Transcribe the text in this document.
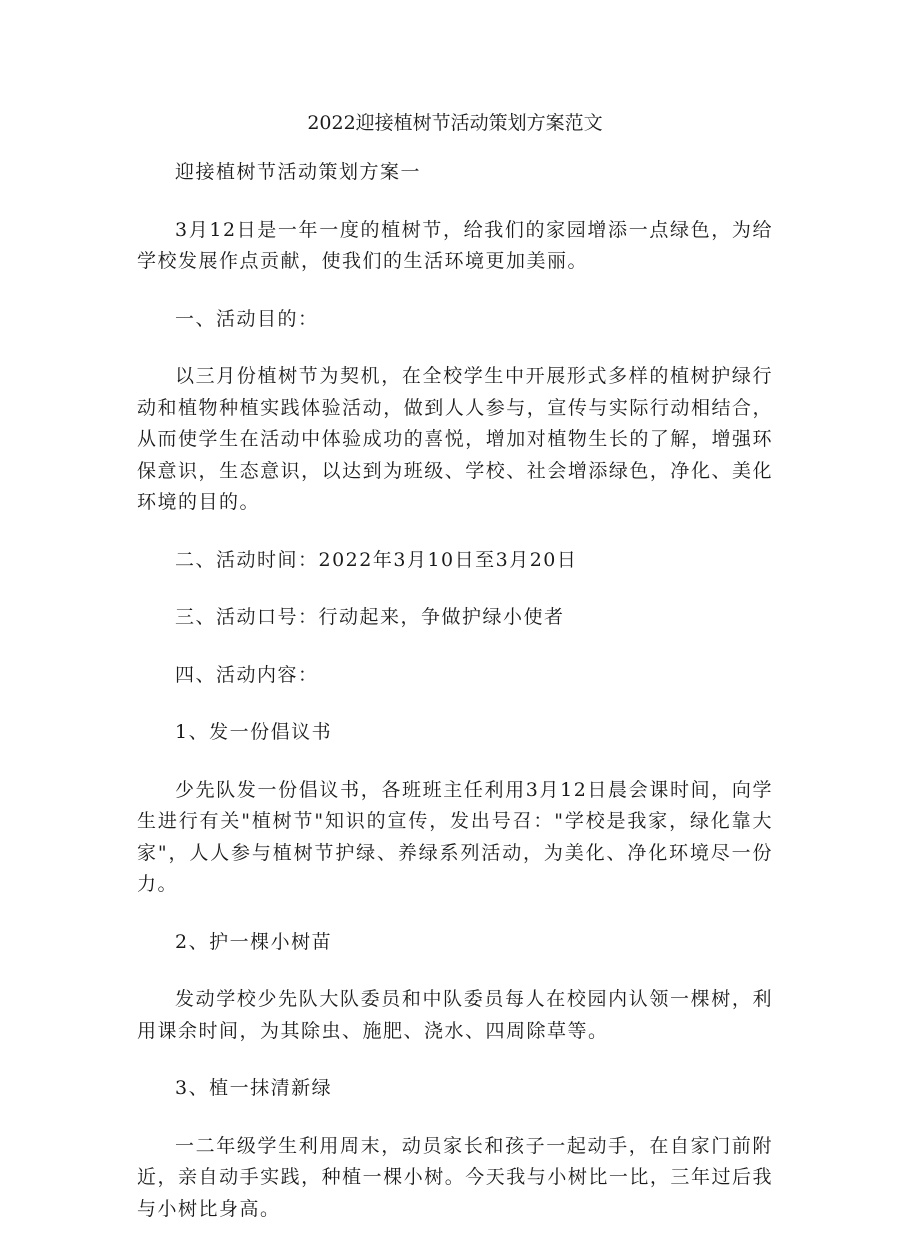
2022迎接植树节活动策划方案范文

迎接植树节活动策划方案一

3月12日是一年一度的植树节，给我们的家园增添一点绿色，为给学校发展作点贡献，使我们的生活环境更加美丽。

一、活动目的：

以三月份植树节为契机，在全校学生中开展形式多样的植树护绿行动和植物种植实践体验活动，做到人人参与，宣传与实际行动相结合，从而使学生在活动中体验成功的喜悦，增加对植物生长的了解，增强环保意识，生态意识，以达到为班级、学校、社会增添绿色，净化、美化环境的目的。

二、活动时间：2022年3月10日至3月20日

三、活动口号：行动起来，争做护绿小使者

四、活动内容：

1、发一份倡议书

少先队发一份倡议书，各班班主任利用3月12日晨会课时间，向学生进行有关"植树节"知识的宣传，发出号召："学校是我家，绿化靠大家"，人人参与植树节护绿、养绿系列活动，为美化、净化环境尽一份力。

2、护一棵小树苗

发动学校少先队大队委员和中队委员每人在校园内认领一棵树，利用课余时间，为其除虫、施肥、浇水、四周除草等。

3、植一抹清新绿

一二年级学生利用周末，动员家长和孩子一起动手，在自家门前附近，亲自动手实践，种植一棵小树。今天我与小树比一比，三年过后我与小树比身高。
